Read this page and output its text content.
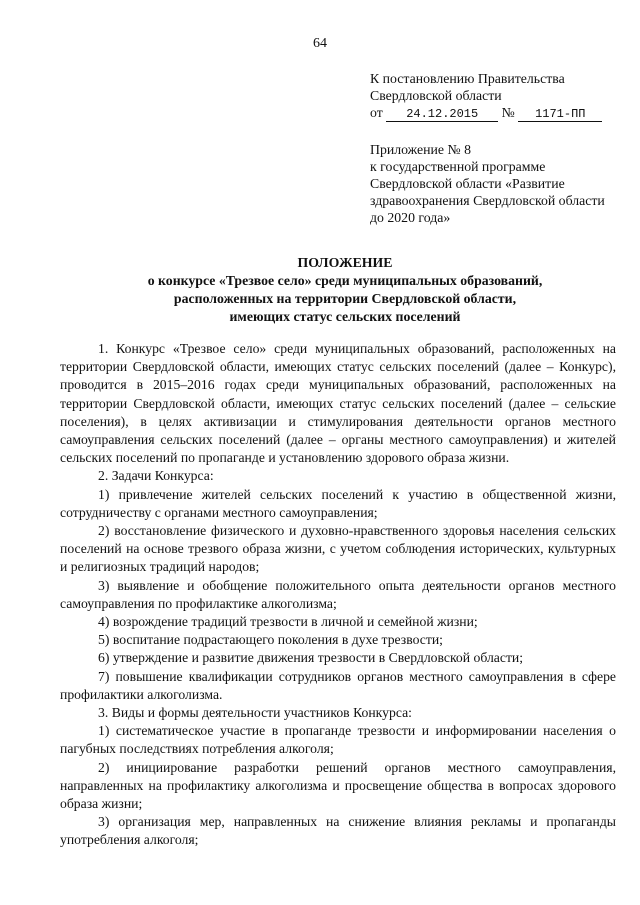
64
К постановлению Правительства
Свердловской области
от 24.12.2015 № 1171-ПП
Приложение № 8
к государственной программе Свердловской области «Развитие здравоохранения Свердловской области до 2020 года»
ПОЛОЖЕНИЕ
о конкурсе «Трезвое село» среди муниципальных образований,
расположенных на территории Свердловской области,
имеющих статус сельских поселений

1. Конкурс «Трезвое село» среди муниципальных образований, расположенных на территории Свердловской области, имеющих статус сельских поселений (далее – Конкурс), проводится в 2015–2016 годах среди муниципальных образований, расположенных на территории Свердловской области, имеющих статус сельских поселений (далее – сельские поселения), в целях активизации и стимулирования деятельности органов местного самоуправления сельских поселений (далее – органы местного самоуправления) и жителей сельских поселений по пропаганде и установлению здорового образа жизни.

2. Задачи Конкурса:

1) привлечение жителей сельских поселений к участию в общественной жизни, сотрудничеству с органами местного самоуправления;

2) восстановление физического и духовно-нравственного здоровья населения сельских поселений на основе трезвого образа жизни, с учетом соблюдения исторических, культурных и религиозных традиций народов;

3) выявление и обобщение положительного опыта деятельности органов местного самоуправления по профилактике алкоголизма;

4) возрождение традиций трезвости в личной и семейной жизни;

5) воспитание подрастающего поколения в духе трезвости;

6) утверждение и развитие движения трезвости в Свердловской области;

7) повышение квалификации сотрудников органов местного самоуправления в сфере профилактики алкоголизма.

3. Виды и формы деятельности участников Конкурса:

1) систематическое участие в пропаганде трезвости и информировании населения о пагубных последствиях потребления алкоголя;

2) инициирование разработки решений органов местного самоуправления, направленных на профилактику алкоголизма и просвещение общества в вопросах здорового образа жизни;

3) организация мер, направленных на снижение влияния рекламы и пропаганды употребления алкоголя;
